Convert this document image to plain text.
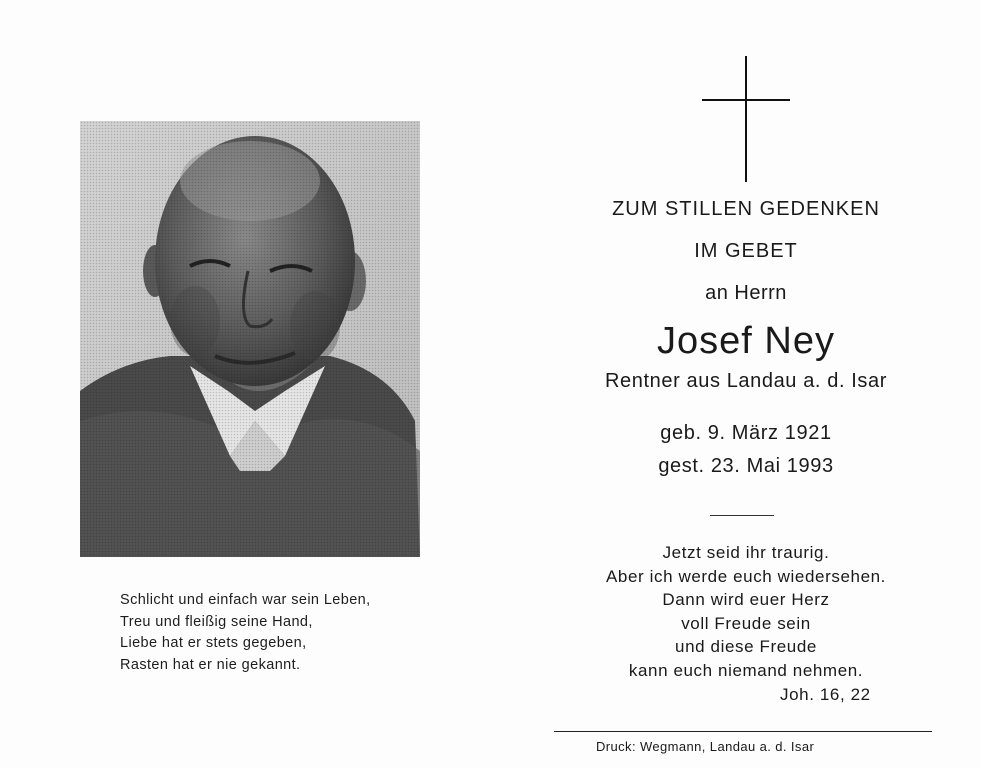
Schlicht und einfach war sein Leben,
Treu und fleißig seine Hand,
Liebe hat er stets gegeben,
Rasten hat er nie gekannt.
ZUM STILLEN GEDENKEN
IM GEBET
an Herrn
Josef Ney
Rentner aus Landau a. d. Isar
geb. 9. März 1921
gest. 23. Mai 1993
Jetzt seid ihr traurig.
Aber ich werde euch wiedersehen.
Dann wird euer Herz
voll Freude sein
und diese Freude
kann euch niemand nehmen.
Joh. 16, 22
Druck: Wegmann, Landau a. d. Isar
